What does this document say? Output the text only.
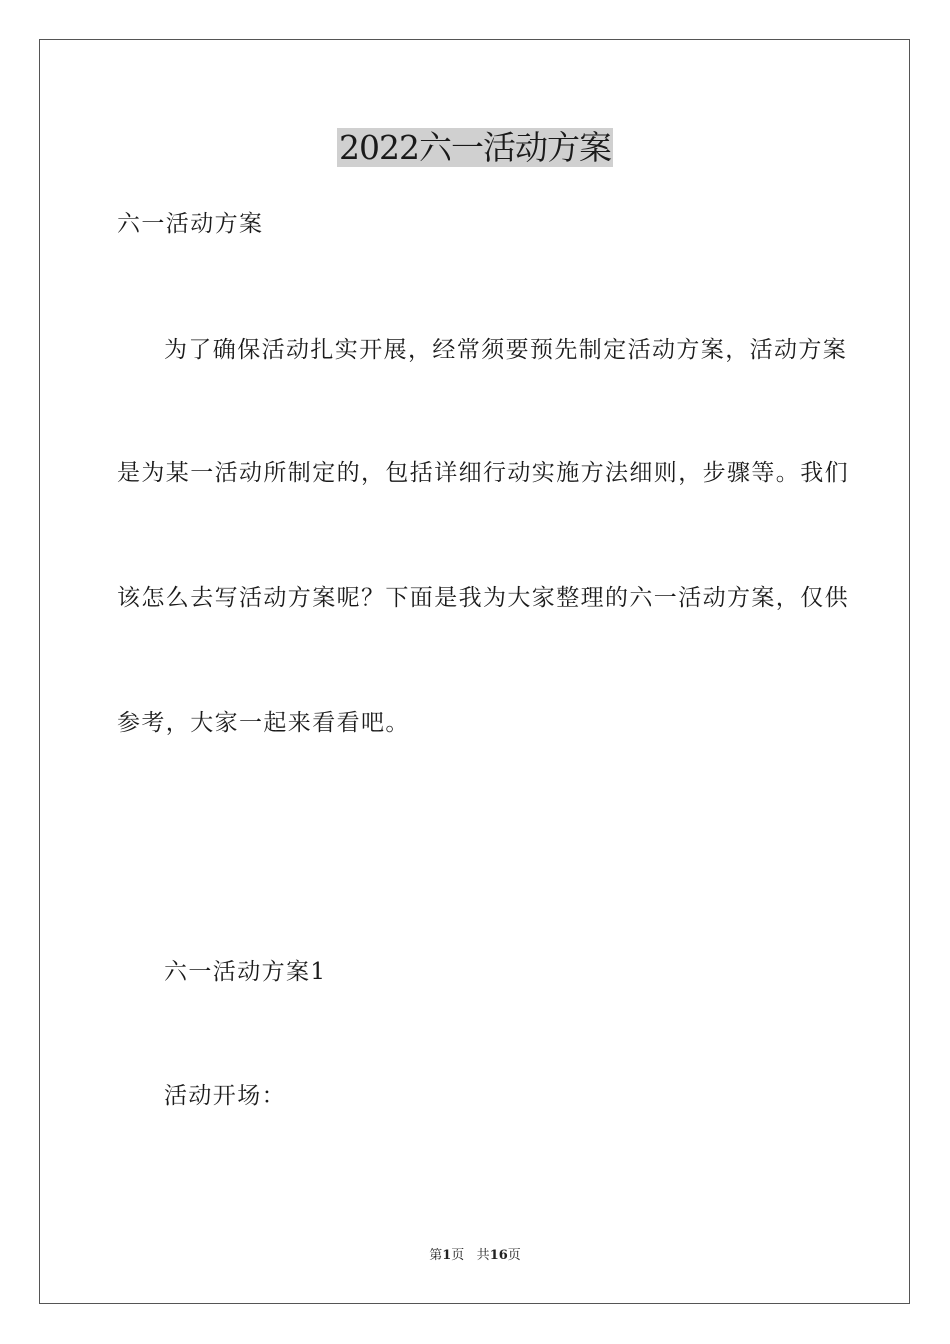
2022六一活动方案
六一活动方案
为了确保活动扎实开展，经常须要预先制定活动方案，活动方案
是为某一活动所制定的，包括详细行动实施方法细则，步骤等。我们
该怎么去写活动方案呢？下面是我为大家整理的六一活动方案，仅供
参考，大家一起来看看吧。
六一活动方案1
活动开场：
第1页 共16页
